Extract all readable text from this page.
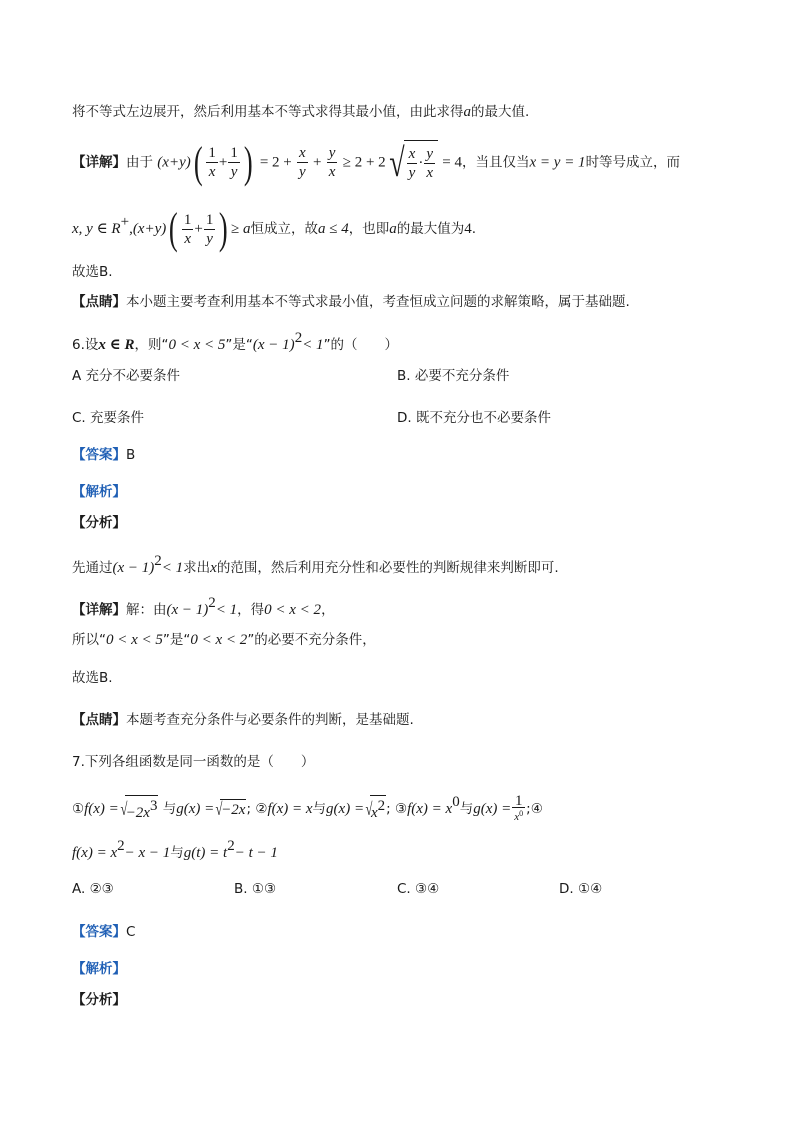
将不等式左边展开，然后利用基本不等式求得其最小值，由此求得a的最大值.
【详解】由于 $(x+y)( \frac{1}{x} + \frac{1}{y}$ ) = $2 + \frac{x}{y} + \frac{y}{x} \ge 2 + 2√ \frac{x}{y} \cdot \frac{y}{x} = 4$，当且仅当x = y = 1时等号成立，而
x, y ∈ $R^+,(x+y)( \frac{1}{x} + \frac{1}{y}$ ) ≥ a恒成立，故a ≤ 4，也即a的最大值为4.
故选B.
【点睛】本小题主要考查利用基本不等式求最小值，考查恒成立问题的求解策略，属于基础题.
6.设x ∈ R，则“0 < x < 5”是“$(x - 1)^2< 1$”的（　　）
A 充分不必要条件	B. 必要不充分条件
C. 充要条件	D. 既不充分也不必要条件
【答案】B
【解析】
【分析】
先通过$(x - 1)^2< 1$求出x的范围，然后利用充分性和必要性的判断规律来判断即可.
【详解】解：由$(x - 1)^2< 1$，得0 < x < 2，
所以“0 < x < 5”是“0 < x < 2”的必要不充分条件，
故选B.
【点睛】本题考查充分条件与必要条件的判断，是基础题.
7.下列各组函数是同一函数的是（　　）
①f(x) $=√-2x^3$ 与g(x) =√−2x; ②f(x) = x与$g(x) =√x^2$; ③f(x) = $x^0$与$g(x) = \frac{1}{x^0}$ ;④
$f(x) = x^2- x - 1$与$g(t) = t^2- t - 1$
A. ②③	B. ①③	C. ③④	D. ①④
【答案】C
【解析】
【分析】
